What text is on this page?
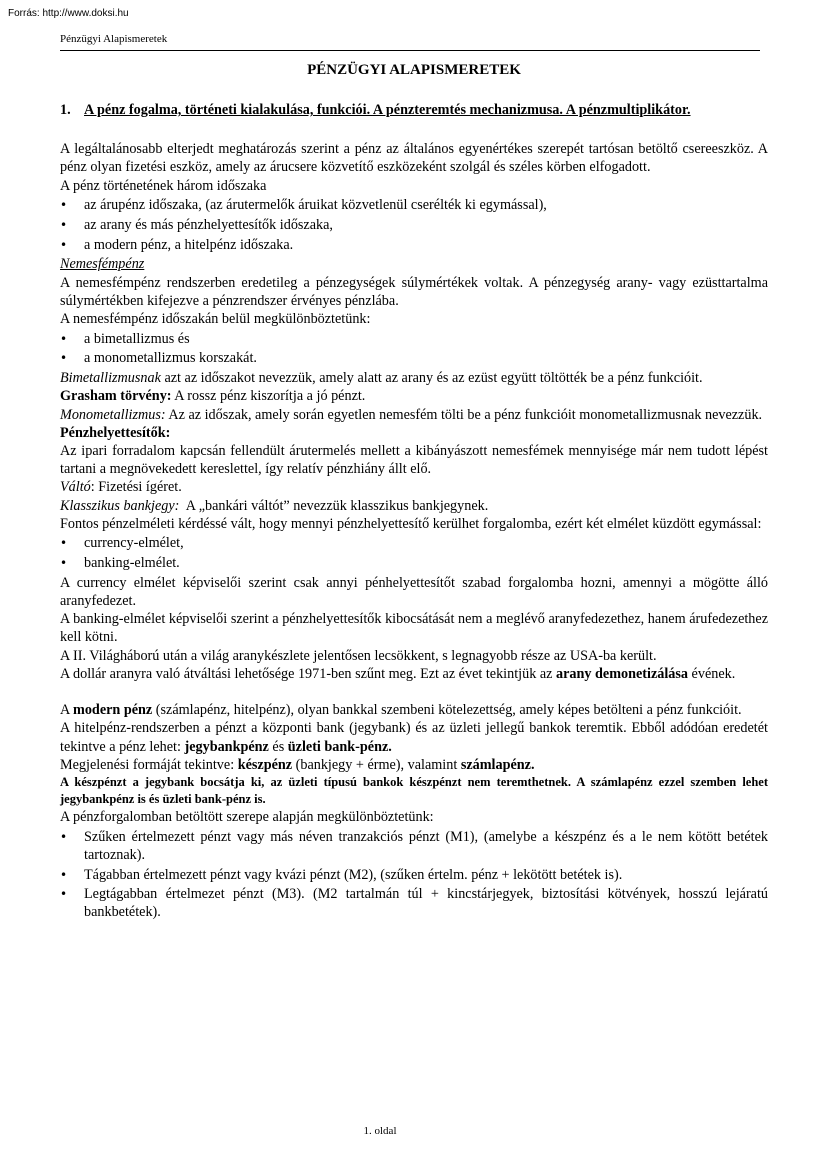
Forrás: http://www.doksi.hu
Pénzügyi Alapismeretek
PÉNZÜGYI ALAPISMERETEK
1. A pénz fogalma, történeti kialakulása, funkciói. A pénzteremtés mechanizmusa. A pénzmultiplikátor.

A legáltalánosabb elterjedt meghatározás szerint a pénz az általános egyenértékes szerepét tartósan betöltő csereeszköz. A pénz olyan fizetési eszköz, amely az árucsere közvetítő eszközeként szolgál és széles körben elfogadott.

A pénz történetének három időszaka

• az árupénz időszaka, (az árutermelők áruikat közvetlenül cserélték ki egymással),
• az arany és más pénzhelyettesítők időszaka,
• a modern pénz, a hitelpénz időszaka.

Nemesfémpénz

A nemesfémpénz rendszerben eredetileg a pénzegységek súlymértékek voltak. A pénzegység arany- vagy ezüsttartalma súlymértékben kifejezve a pénzrendszer érvényes pénzlába.

A nemesfémpénz időszakán belül megkülönböztetünk:

• a bimetallizmus és
• a monometallizmus korszakát.

Bimetallizmusnak azt az időszakot nevezzük, amely alatt az arany és az ezüst együtt töltötték be a pénz funkcióit.

Grasham törvény: A rossz pénz kiszorítja a jó pénzt.

Monometallizmus: Az az időszak, amely során egyetlen nemesfém tölti be a pénz funkcióit monometallizmusnak nevezzük.

Pénzhelyettesítők:

Az ipari forradalom kapcsán fellendült árutermelés mellett a kibányászott nemesfémek mennyisége már nem tudott lépést tartani a megnövekedett kereslettel, így relatív pénzhiány állt elő.

Váltó: Fizetési ígéret.

Klasszikus bankjegy:  A „bankári váltót” nevezzük klasszikus bankjegynek.

Fontos pénzelméleti kérdéssé vált, hogy mennyi pénzhelyettesítő kerülhet forgalomba, ezért két elmélet küzdött egymással:

• currency-elmélet,
• banking-elmélet.

A currency elmélet képviselői szerint csak annyi pénhelyettesítőt szabad forgalomba hozni, amennyi a mögötte álló aranyfedezet.

A banking-elmélet képviselői szerint a pénzhelyettesítők kibocsátását nem a meglévő aranyfedezethez, hanem árufedezethez kell kötni.

A II. Világháború után a világ aranykészlete jelentősen lecsökkent, s legnagyobb része az USA-ba került.

A dollár aranyra való átváltási lehetősége 1971-ben szűnt meg. Ezt az évet tekintjük az arany demonetizálása évének.

A modern pénz (számlapénz, hitelpénz), olyan bankkal szembeni kötelezettség, amely képes betölteni a pénz funkcióit.

A hitelpénz-rendszerben a pénzt a központi bank (jegybank) és az üzleti jellegű bankok teremtik. Ebből adódóan eredetét tekintve a pénz lehet: jegybankpénz és üzleti bank-pénz.

Megjelenési formáját tekintve: készpénz (bankjegy + érme), valamint számlapénz.

A készpénzt a jegybank bocsátja ki, az üzleti típusú bankok készpénzt nem teremthetnek. A számlapénz ezzel szemben lehet jegybankpénz is és üzleti bank-pénz is.

A pénzforgalomban betöltött szerepe alapján megkülönböztetünk:

• Szűken értelmezett pénzt vagy más néven tranzakciós pénzt (M1), (amelybe a készpénz és a le nem kötött betétek tartoznak).
• Tágabban értelmezett pénzt vagy kvázi pénzt (M2), (szűken értelm. pénz + lekötött betétek is).
• Legtágabban értelmezet pénzt (M3). (M2 tartalmán túl + kincstárjegyek, biztosítási kötvények, hosszú lejáratú bankbetétek).
1. oldal
